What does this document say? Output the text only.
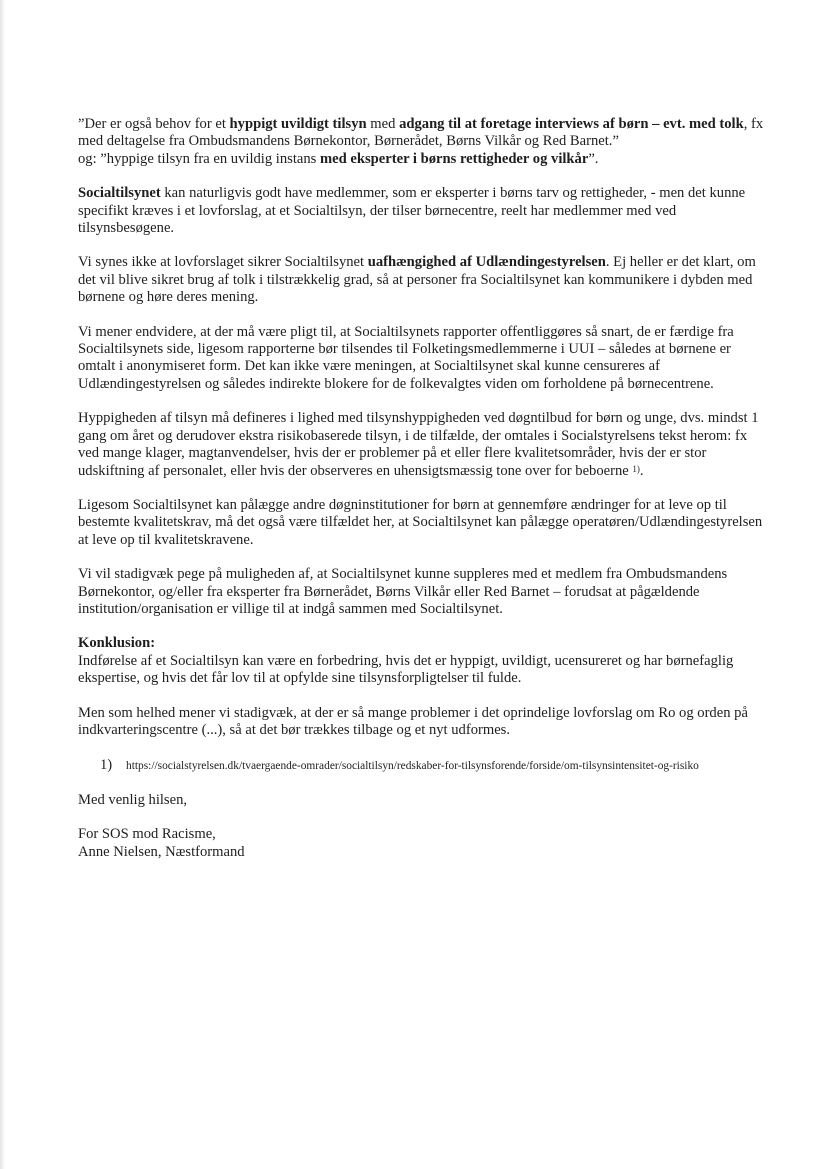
”Der er også behov for et hyppigt uvildigt tilsyn med adgang til at foretage interviews af børn – evt. med tolk, fx med deltagelse fra Ombudsmandens Børnekontor, Børnerådet, Børns Vilkår og Red Barnet.”

og: ”hyppige tilsyn fra en uvildig instans med eksperter i børns rettigheder og vilkår”.

Socialtilsynet kan naturligvis godt have medlemmer, som er eksperter i børns tarv og rettigheder, - men det kunne specifikt kræves i et lovforslag, at et Socialtilsyn, der tilser børnecentre, reelt har medlemmer med ved tilsynsbesøgene.

Vi synes ikke at lovforslaget sikrer Socialtilsynet uafhængighed af Udlændingestyrelsen. Ej heller er det klart, om det vil blive sikret brug af tolk i tilstrækkelig grad, så at personer fra Socialtilsynet kan kommunikere i dybden med børnene og høre deres mening.

Vi mener endvidere, at der må være pligt til, at Socialtilsynets rapporter offentliggøres så snart, de er færdige fra Socialtilsynets side, ligesom rapporterne bør tilsendes til Folketingsmedlemmerne i UUI – således at børnene er omtalt i anonymiseret form. Det kan ikke være meningen, at Socialtilsynet skal kunne censureres af Udlændingestyrelsen og således indirekte blokere for de folkevalgtes viden om forholdene på børnecentrene.

Hyppigheden af tilsyn må defineres i lighed med tilsynshyppigheden ved døgntilbud for børn og unge, dvs. mindst 1 gang om året og derudover ekstra risikobaserede tilsyn, i de tilfælde, der omtales i Socialstyrelsens tekst herom: fx ved mange klager, magtanvendelser, hvis der er problemer på et eller flere kvalitetsområder, hvis der er stor udskiftning af personalet, eller hvis der observeres en uhensigtsmæssig tone over for beboerne $^{1)}$.

Ligesom Socialtilsynet kan pålægge andre døgninstitutioner for børn at gennemføre ændringer for at leve op til bestemte kvalitetskrav, må det også være tilfældet her, at Socialtilsynet kan pålægge operatøren/Udlændingestyrelsen at leve op til kvalitetskravene.

Vi vil stadigvæk pege på muligheden af, at Socialtilsynet kunne suppleres med et medlem fra Ombudsmandens Børnekontor, og/eller fra eksperter fra Børnerådet, Børns Vilkår eller Red Barnet – forudsat at pågældende institution/organisation er villige til at indgå sammen med Socialtilsynet.

Konklusion:

Indførelse af et Socialtilsyn kan være en forbedring, hvis det er hyppigt, uvildigt, ucensureret og har børnefaglig ekspertise, og hvis det får lov til at opfylde sine tilsynsforpligtelser til fulde.

Men som helhed mener vi stadigvæk, at der er så mange problemer i det oprindelige lovforslag om Ro og orden på indkvarteringscentre (...), så at det bør trækkes tilbage og et nyt udformes.

1)	https://socialstyrelsen.dk/tvaergaende-omrader/socialtilsyn/redskaber-for-tilsynsforende/forside/om-tilsynsintensitet-og-risiko

Med venlig hilsen,

For SOS mod Racisme,

Anne Nielsen, Næstformand
